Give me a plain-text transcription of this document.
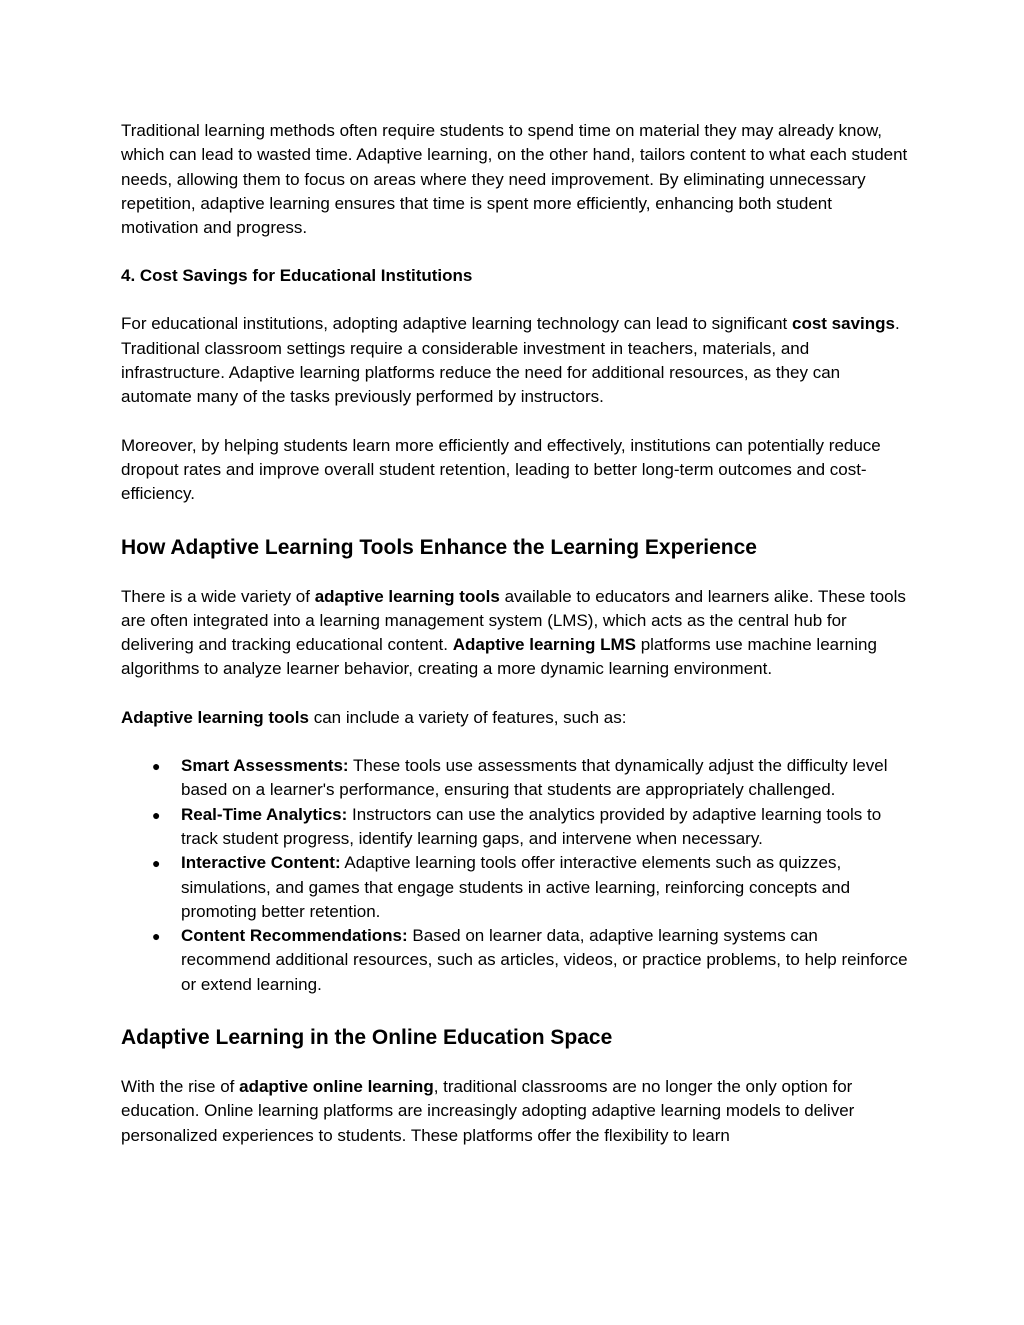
Traditional learning methods often require students to spend time on material they may already know, which can lead to wasted time. Adaptive learning, on the other hand, tailors content to what each student needs, allowing them to focus on areas where they need improvement. By eliminating unnecessary repetition, adaptive learning ensures that time is spent more efficiently, enhancing both student motivation and progress.

4. Cost Savings for Educational Institutions

For educational institutions, adopting adaptive learning technology can lead to significant cost savings. Traditional classroom settings require a considerable investment in teachers, materials, and infrastructure. Adaptive learning platforms reduce the need for additional resources, as they can automate many of the tasks previously performed by instructors.

Moreover, by helping students learn more efficiently and effectively, institutions can potentially reduce dropout rates and improve overall student retention, leading to better long-term outcomes and cost-efficiency.

How Adaptive Learning Tools Enhance the Learning Experience

There is a wide variety of adaptive learning tools available to educators and learners alike. These tools are often integrated into a learning management system (LMS), which acts as the central hub for delivering and tracking educational content. Adaptive learning LMS platforms use machine learning algorithms to analyze learner behavior, creating a more dynamic learning environment.

Adaptive learning tools can include a variety of features, such as:

● Smart Assessments: These tools use assessments that dynamically adjust the difficulty level based on a learner's performance, ensuring that students are appropriately challenged.
● Real-Time Analytics: Instructors can use the analytics provided by adaptive learning tools to track student progress, identify learning gaps, and intervene when necessary.
● Interactive Content: Adaptive learning tools offer interactive elements such as quizzes, simulations, and games that engage students in active learning, reinforcing concepts and promoting better retention.
● Content Recommendations: Based on learner data, adaptive learning systems can recommend additional resources, such as articles, videos, or practice problems, to help reinforce or extend learning.

Adaptive Learning in the Online Education Space

With the rise of adaptive online learning, traditional classrooms are no longer the only option for education. Online learning platforms are increasingly adopting adaptive learning models to deliver personalized experiences to students. These platforms offer the flexibility to learn
